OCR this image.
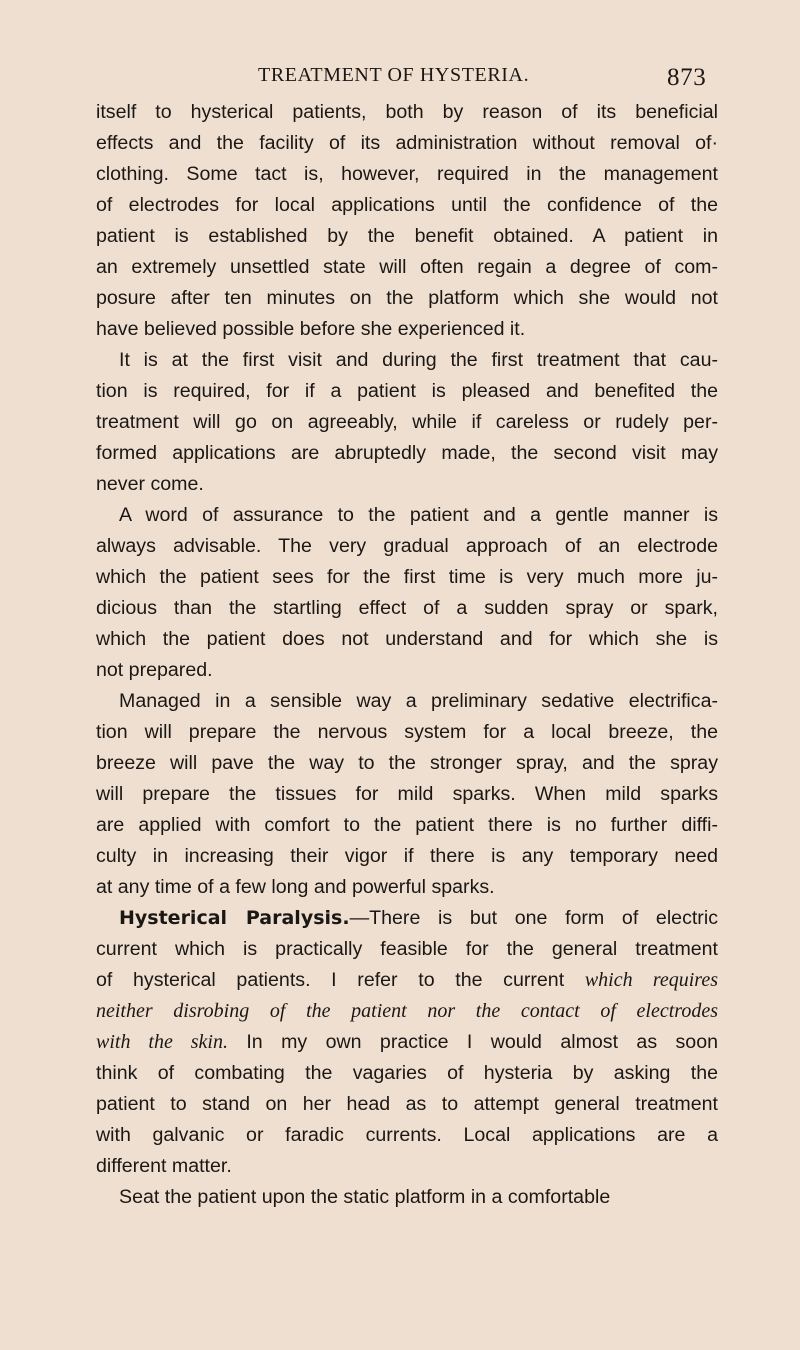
TREATMENT OF HYSTERIA.	873
itself to hysterical patients, both by reason of its beneficial
effects and the facility of its administration without removal of·
clothing. Some tact is, however, required in the management
of electrodes for local applications until the confidence of the
patient is established by the benefit obtained. A patient in
an extremely unsettled state will often regain a degree of com-
posure after ten minutes on the platform which she would not
have believed possible before she experienced it.
It is at the first visit and during the first treatment that cau-
tion is required, for if a patient is pleased and benefited the
treatment will go on agreeably, while if careless or rudely per-
formed applications are abruptedly made, the second visit may
never come.
A word of assurance to the patient and a gentle manner is
always advisable. The very gradual approach of an electrode
which the patient sees for the first time is very much more ju-
dicious than the startling effect of a sudden spray or spark,
which the patient does not understand and for which she is
not prepared.
Managed in a sensible way a preliminary sedative electrifica-
tion will prepare the nervous system for a local breeze, the
breeze will pave the way to the stronger spray, and the spray
will prepare the tissues for mild sparks. When mild sparks
are applied with comfort to the patient there is no further diffi-
culty in increasing their vigor if there is any temporary need
at any time of a few long and powerful sparks.
Hysterical Paralysis.—There is but one form of electric
current which is practically feasible for the general treatment
of hysterical patients. I refer to the current which requires
neither disrobing of the patient nor the contact of electrodes
with the skin. In my own practice I would almost as soon
think of combating the vagaries of hysteria by asking the
patient to stand on her head as to attempt general treatment
with galvanic or faradic currents. Local applications are a
different matter.
Seat the patient upon the static platform in a comfortable
